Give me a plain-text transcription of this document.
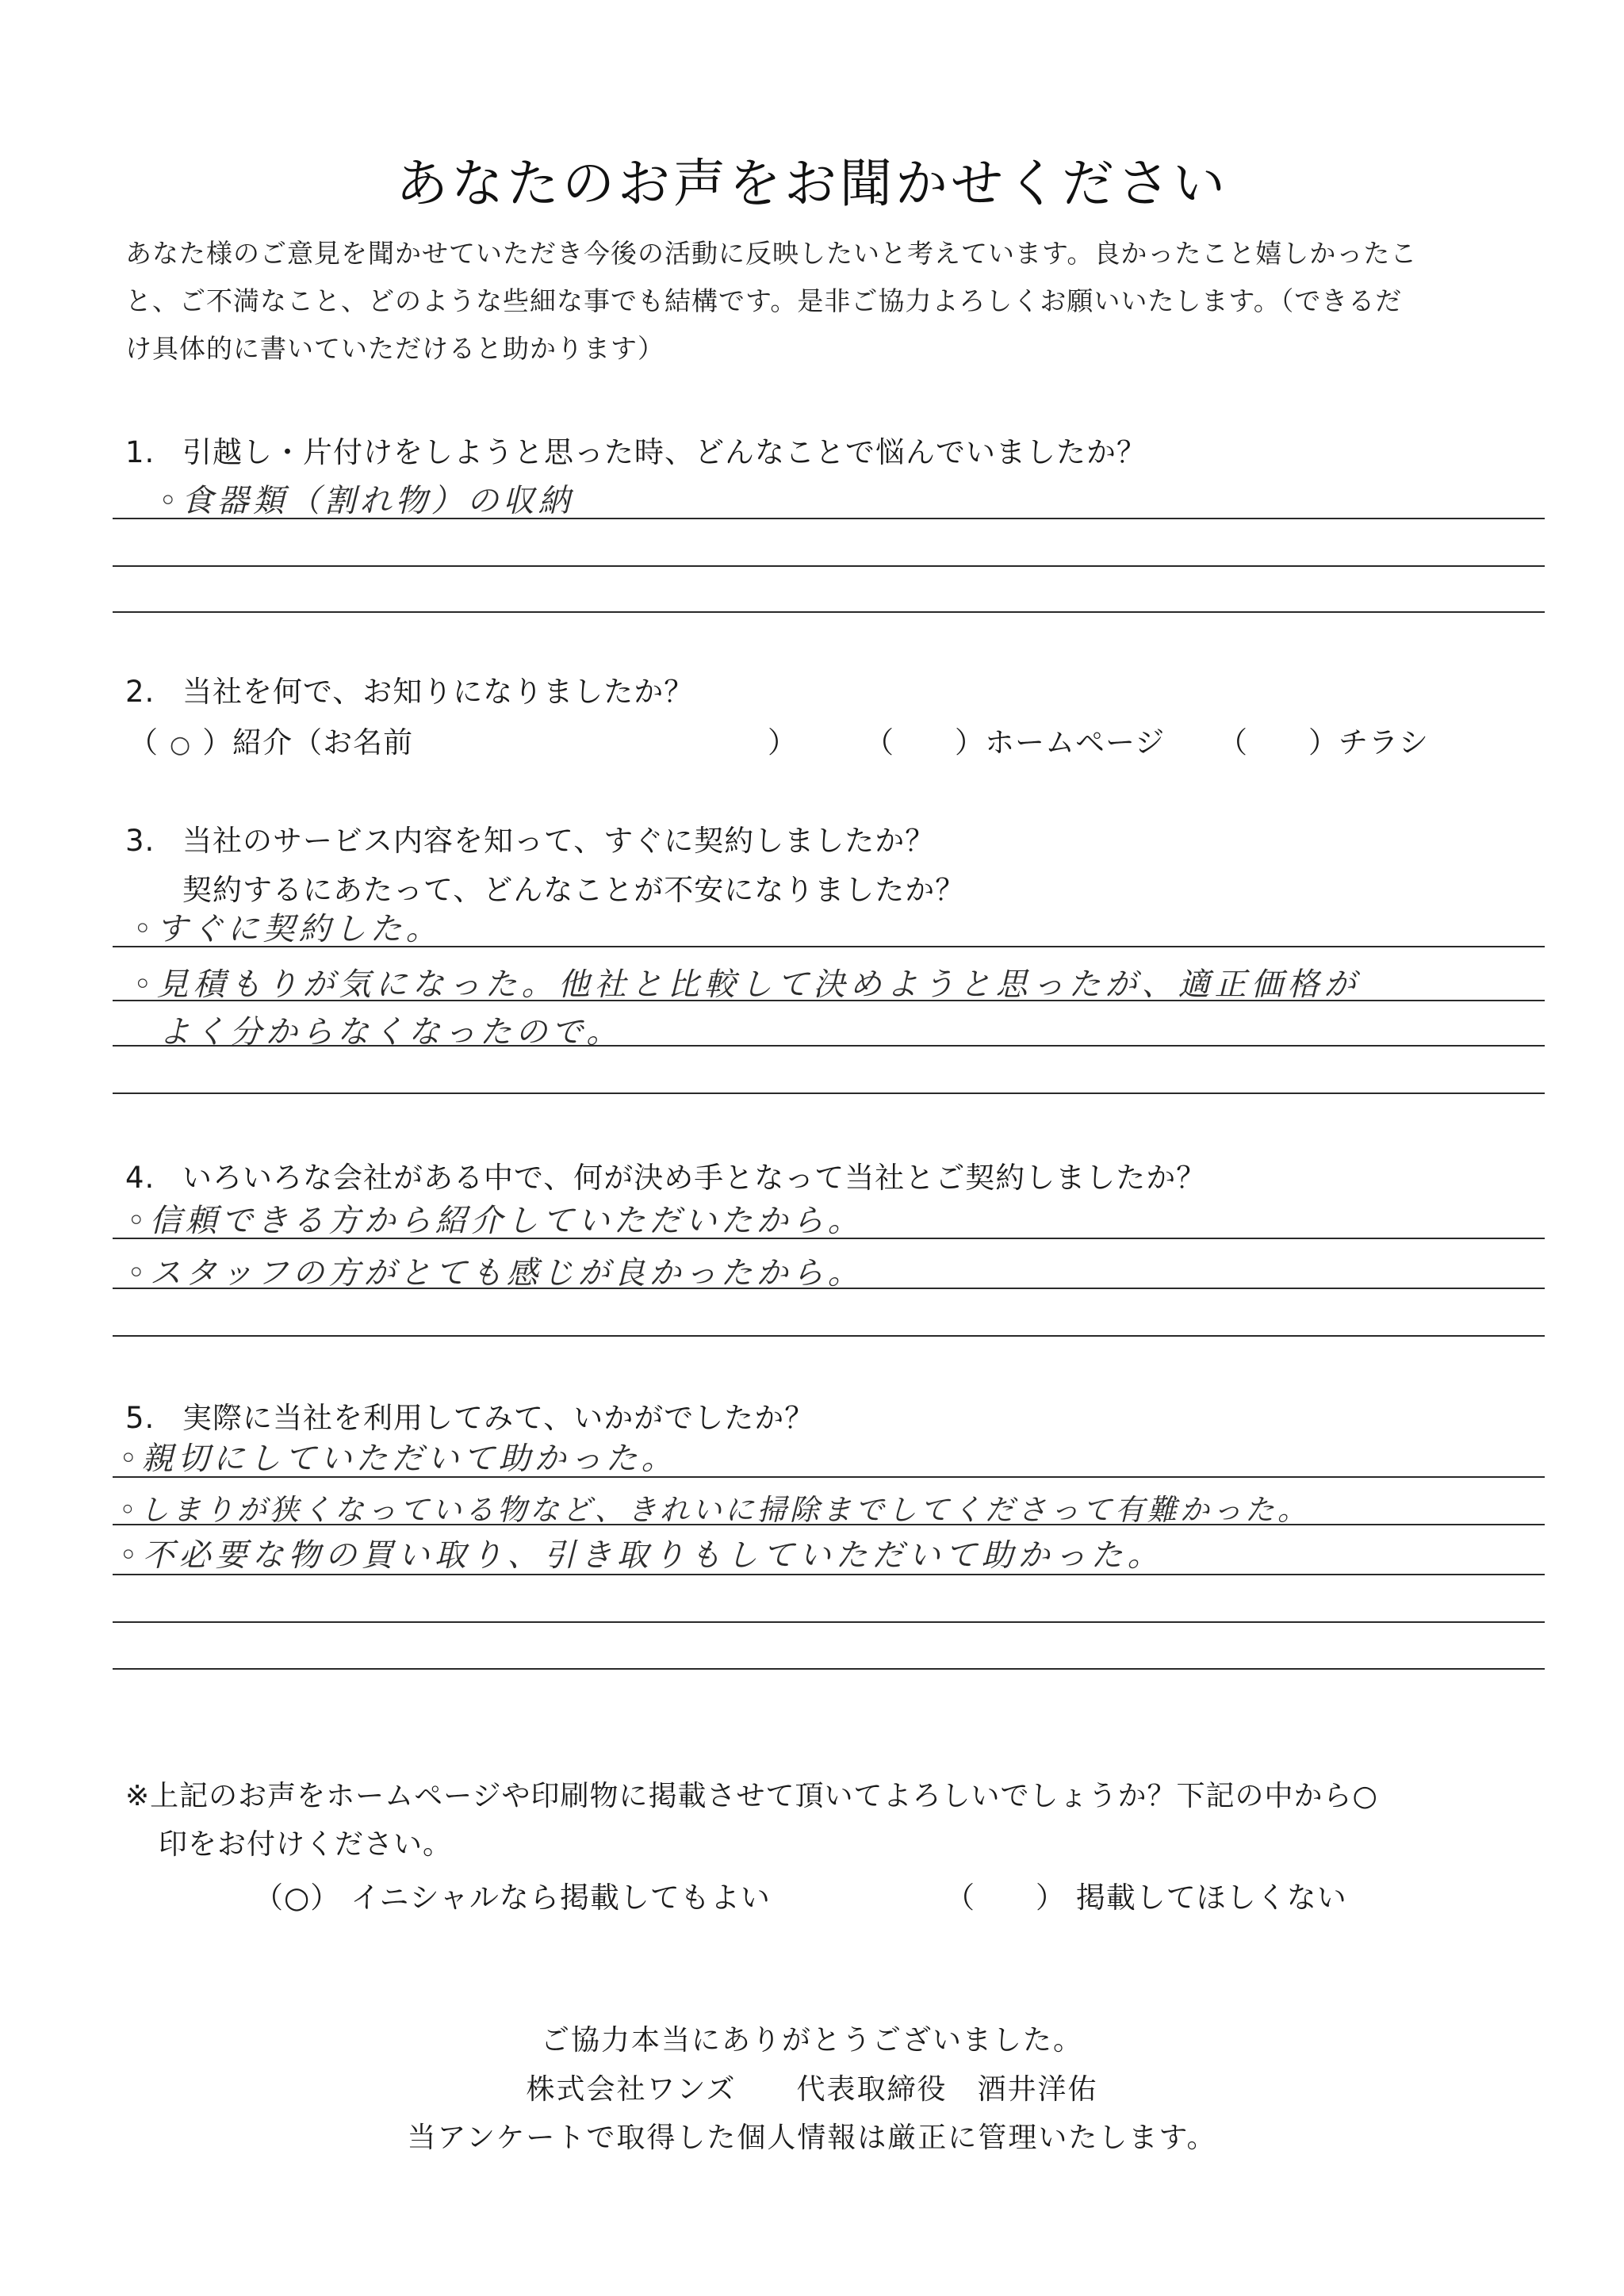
あなたのお声をお聞かせください
あなた様のご意見を聞かせていただき今後の活動に反映したいと考えています。良かったこと嬉しかったこ
と、ご不満なこと、どのような些細な事でも結構です。是非ご協力よろしくお願いいたします。（できるだ
け具体的に書いていただけると助かります）
1. 引越し・片付けをしようと思った時、どんなことで悩んでいましたか？
◦食器類（割れ物）の収納
2. 当社を何で、お知りになりましたか？
（ ○ ）紹介（お名前	） （　　）ホームページ （　　）チラシ
3. 当社のサービス内容を知って、すぐに契約しましたか？
契約するにあたって、どんなことが不安になりましたか？
◦すぐに契約した。
◦見積もりが気になった。他社と比較して決めようと思ったが、適正価格が
よく分からなくなったので。
4. いろいろな会社がある中で、何が決め手となって当社とご契約しましたか？
◦信頼できる方から紹介していただいたから。
◦スタッフの方がとても感じが良かったから。
5. 実際に当社を利用してみて、いかがでしたか？
◦親切にしていただいて助かった。
◦しまりが狭くなっている物など、きれいに掃除までしてくださって有難かった。
◦不必要な物の買い取り、引き取りもしていただいて助かった。
※上記のお声をホームページや印刷物に掲載させて頂いてよろしいでしょうか？下記の中から○
印をお付けください。
（○） イニシャルなら掲載してもよい	（　　） 掲載してほしくない
ご協力本当にありがとうございました。
株式会社ワンズ　　代表取締役　酒井洋佑
当アンケートで取得した個人情報は厳正に管理いたします。
